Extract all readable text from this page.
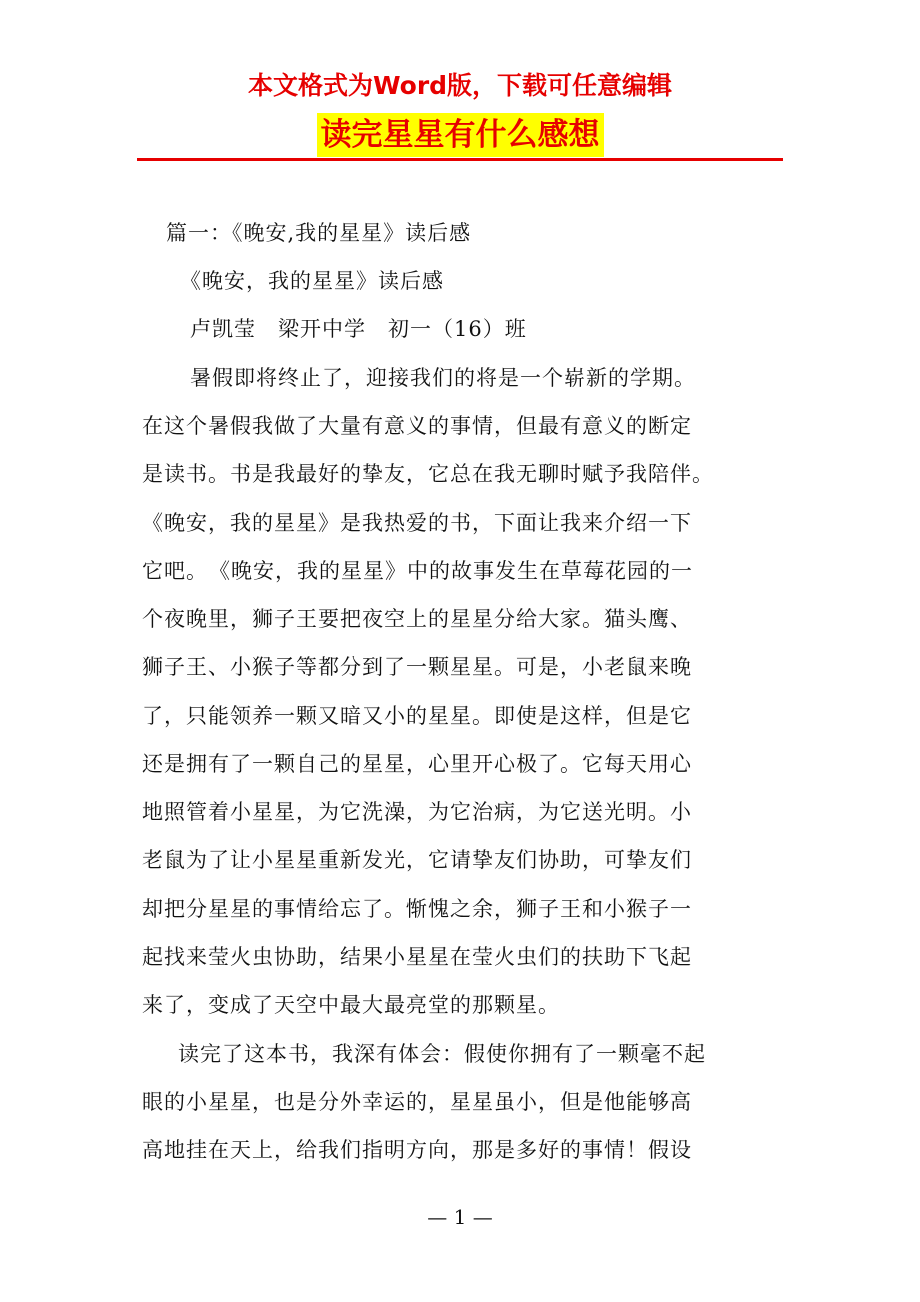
本文格式为Word版，下载可任意编辑
读完星星有什么感想
篇一：《晚安,我的星星》读后感
《晚安，我的星星》读后感
卢凯莹　梁开中学　初一（16）班
暑假即将终止了，迎接我们的将是一个崭新的学期。
在这个暑假我做了大量有意义的事情，但最有意义的断定
是读书。书是我最好的挚友，它总在我无聊时赋予我陪伴。
《晚安，我的星星》是我热爱的书，下面让我来介绍一下
它吧。　《晚安，我的星星》中的故事发生在草莓花园的一
个夜晚里，狮子王要把夜空上的星星分给大家。猫头鹰、
狮子王、小猴子等都分到了一颗星星。可是，小老鼠来晚
了，只能领养一颗又暗又小的星星。即使是这样，但是它
还是拥有了一颗自己的星星，心里开心极了。它每天用心
地照管着小星星，为它洗澡，为它治病，为它送光明。小
老鼠为了让小星星重新发光，它请挚友们协助，可挚友们
却把分星星的事情给忘了。惭愧之余，狮子王和小猴子一
起找来莹火虫协助，结果小星星在莹火虫们的扶助下飞起
来了，变成了天空中最大最亮堂的那颗星。
读完了这本书，我深有体会：假使你拥有了一颗毫不起
眼的小星星，也是分外幸运的，星星虽小，但是他能够高
高地挂在天上，给我们指明方向，那是多好的事情！假设
— 1 —
